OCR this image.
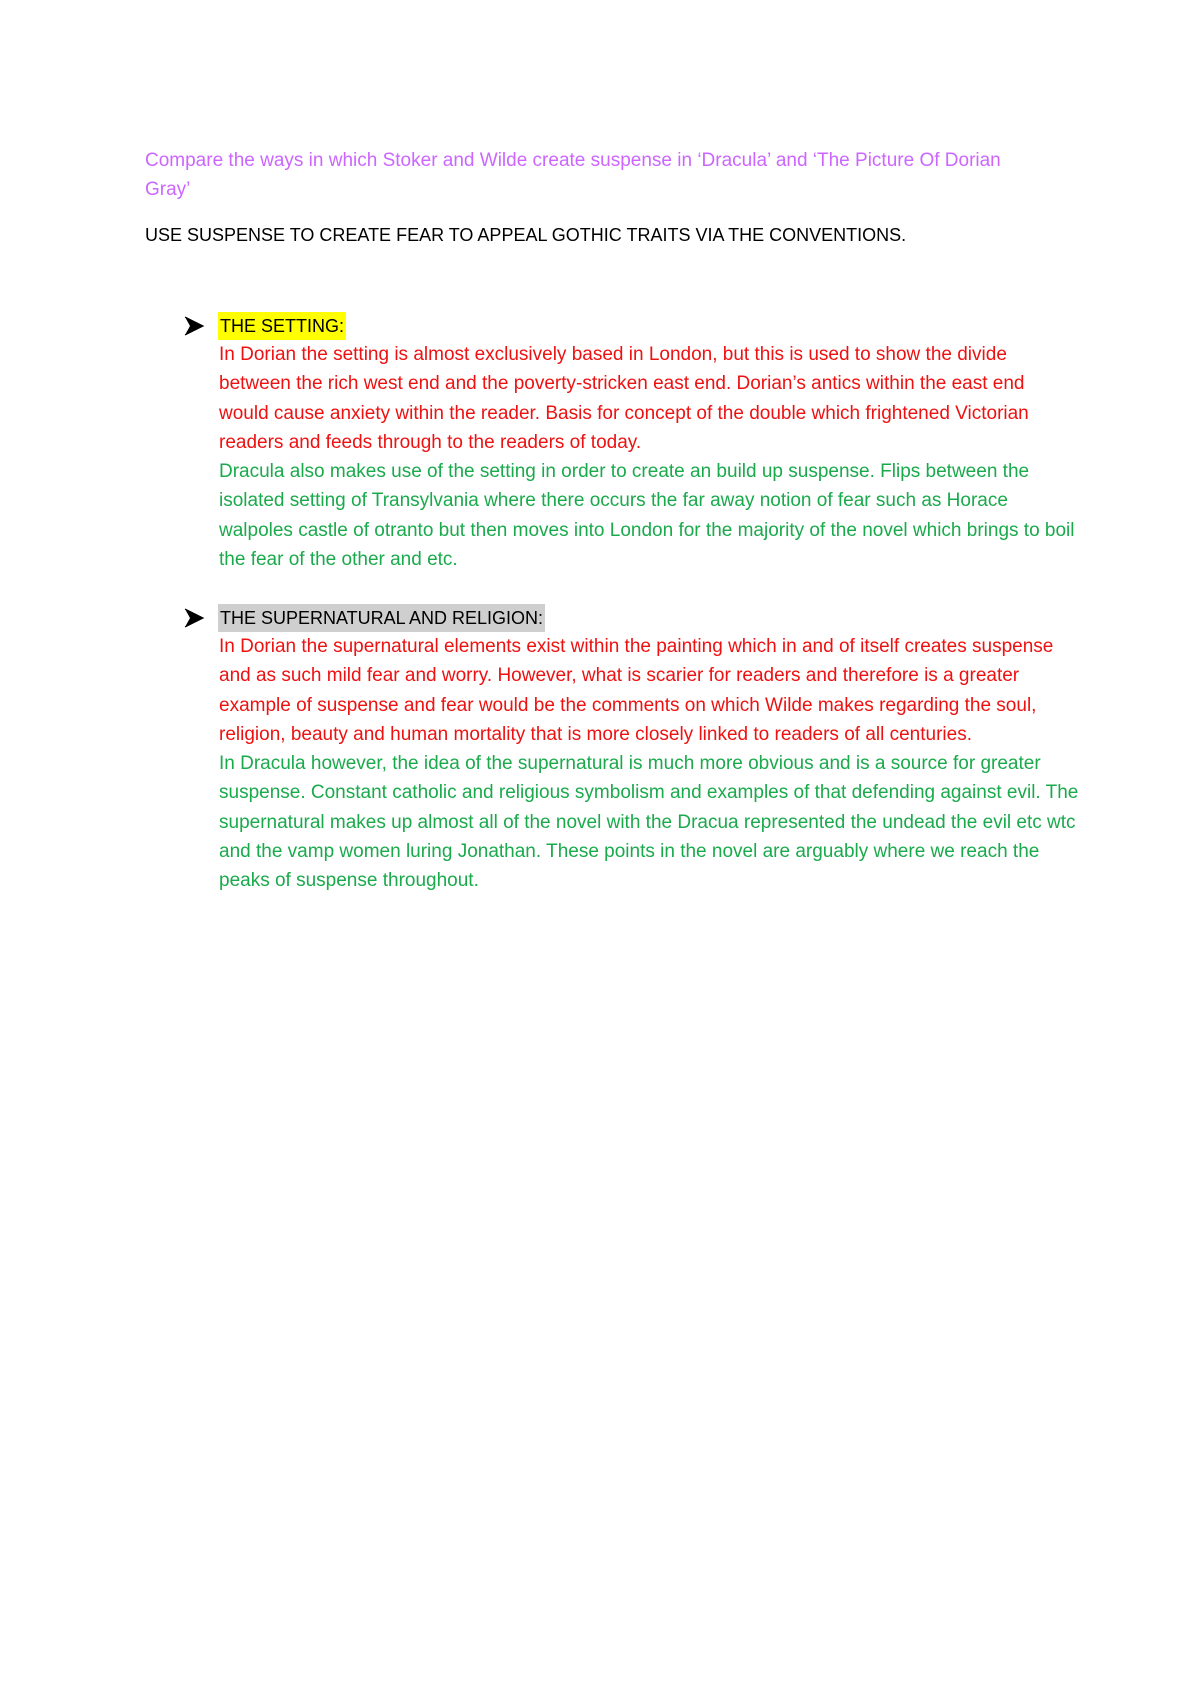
Compare the ways in which Stoker and Wilde create suspense in ‘Dracula’ and ‘The Picture Of Dorian Gray’
USE SUSPENSE TO CREATE FEAR TO APPEAL GOTHIC TRAITS VIA THE CONVENTIONS.
THE SETTING:

In Dorian the setting is almost exclusively based in London, but this is used to show the divide between the rich west end and the poverty-stricken east end. Dorian’s antics within the east end would cause anxiety within the reader. Basis for concept of the double which frightened Victorian readers and feeds through to the readers of today.

Dracula also makes use of the setting in order to create an build up suspense. Flips between the isolated setting of Transylvania where there occurs the far away notion of fear such as Horace walpoles castle of otranto but then moves into London for the majority of the novel which brings to boil the fear of the other and etc.

THE SUPERNATURAL AND RELIGION:

In Dorian the supernatural elements exist within the painting which in and of itself creates suspense and as such mild fear and worry. However, what is scarier for readers and therefore is a greater example of suspense and fear would be the comments on which Wilde makes regarding the soul, religion, beauty and human mortality that is more closely linked to readers of all centuries.

In Dracula however, the idea of the supernatural is much more obvious and is a source for greater suspense. Constant catholic and religious symbolism and examples of that defending against evil. The supernatural makes up almost all of the novel with the Dracua represented the undead the evil etc wtc and the vamp women luring Jonathan. These points in the novel are arguably where we reach the peaks of suspense throughout.
